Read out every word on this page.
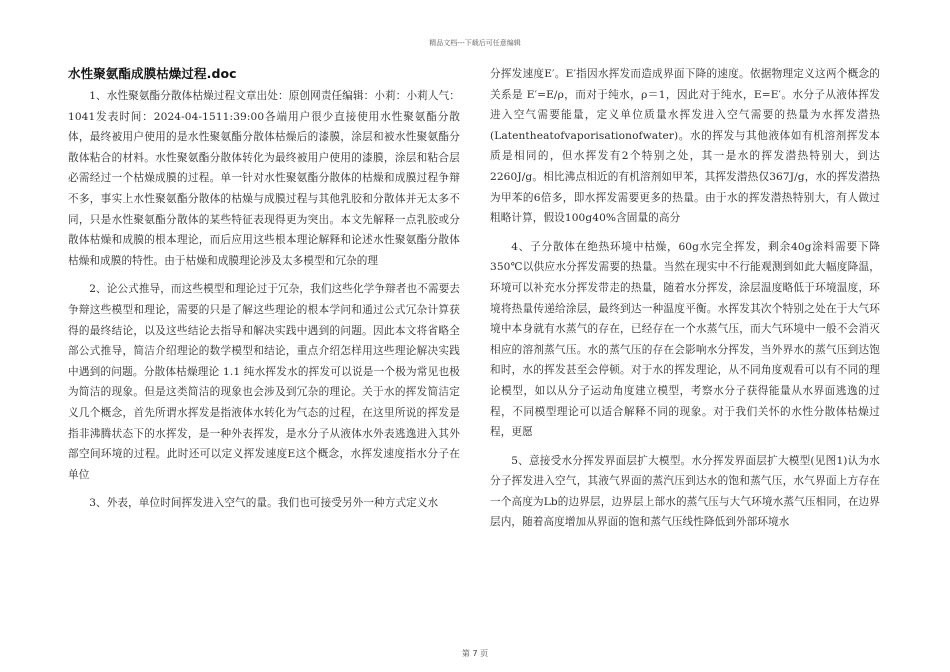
精品文档---下载后可任意编辑
水性聚氨酯成膜枯燥过程.doc

1、水性聚氨酯分散体枯燥过程文章出处：原创网责任编辑：小莉：小莉人气：1041发表时间：2024-04-1511:39:00各端用户很少直接使用水性聚氨酯分散体，最终被用户使用的是水性聚氨酯分散体枯燥后的漆膜，涂层和被水性聚氨酯分散体粘合的材料。水性聚氨酯分散体转化为最终被用户使用的漆膜，涂层和粘合层必需经过一个枯燥成膜的过程。单一针对水性聚氨酯分散体的枯燥和成膜过程争辩不多，事实上水性聚氨酯分散体的枯燥与成膜过程与其他乳胶和分散体并无太多不同，只是水性聚氨酯分散体的某些特征表现得更为突出。本文先解释一点乳胶或分散体枯燥和成膜的根本理论，而后应用这些根本理论解释和论述水性聚氨酯分散体枯燥和成膜的特性。由于枯燥和成膜理论涉及太多模型和冗杂的理

2、论公式推导，而这些模型和理论过于冗杂，我们这些化学争辩者也不需要去争辩这些模型和理论，需要的只是了解这些理论的根本学问和通过公式冗杂计算获得的最终结论，以及这些结论去指导和解决实践中遇到的问题。因此本文将省略全部公式推导，简洁介绍理论的数学模型和结论，重点介绍怎样用这些理论解决实践中遇到的问题。分散体枯燥理论 1.1 纯水挥发水的挥发可以说是一个极为常见也极为简洁的现象。但是这类简洁的现象也会涉及到冗杂的理论。关于水的挥发简洁定义几个概念，首先所谓水挥发是指液体水转化为气态的过程，在这里所说的挥发是指非沸腾状态下的水挥发，是一种外表挥发，是水分子从液体水外表逃逸进入其外部空间环境的过程。此时还可以定义挥发速度E这个概念，水挥发速度指水分子在单位

3、外表，单位时间挥发进入空气的量。我们也可接受另外一种方式定义水

分挥发速度E′。E′指因水挥发而造成界面下降的速度。依据物理定义这两个概念的关系是 E′=E/ρ，而对于纯水，ρ＝1，因此对于纯水，E=E′。水分子从液体挥发进入空气需要能量，定义单位质量水挥发进入空气需要的热量为水挥发潜热(Latentheatofvaporisationofwater)。水的挥发与其他液体如有机溶剂挥发本质是相同的，但水挥发有2个特别之处，其一是水的挥发潜热特别大，到达2260J/g。相比沸点相近的有机溶剂如甲苯，其挥发潜热仅367J/g，水的挥发潜热为甲苯的6倍多，即水挥发需要更多的热量。由于水的挥发潜热特别大，有人做过粗略计算，假设100g40%含固量的高分

4、子分散体在绝热环境中枯燥，60g水完全挥发，剩余40g涂料需要下降350℃以供应水分挥发需要的热量。当然在现实中不行能观测到如此大幅度降温，环境可以补充水分挥发带走的热量，随着水分挥发，涂层温度略低于环境温度，环境将热量传递给涂层，最终到达一种温度平衡。水挥发其次个特别之处在于大气环境中本身就有水蒸气的存在，已经存在一个水蒸气压，而大气环境中一般不会消灭相应的溶剂蒸气压。水的蒸气压的存在会影响水分挥发，当外界水的蒸气压到达饱和时，水的挥发甚至会停顿。对于水的挥发理论，从不同角度观看可以有不同的理论模型，如以从分子运动角度建立模型，考察水分子获得能量从水界面逃逸的过程，不同模型理论可以适合解释不同的现象。对于我们关怀的水性分散体枯燥过程，更愿

5、意接受水分挥发界面层扩大模型。水分挥发界面层扩大模型(见图1)认为水分子挥发进入空气，其液气界面的蒸汽压到达水的饱和蒸气压，水气界面上方存在一个高度为Lb的边界层，边界层上部水的蒸气压与大气环境水蒸气压相同，在边界层内，随着高度增加从界面的饱和蒸气压线性降低到外部环境水

第 7 页
